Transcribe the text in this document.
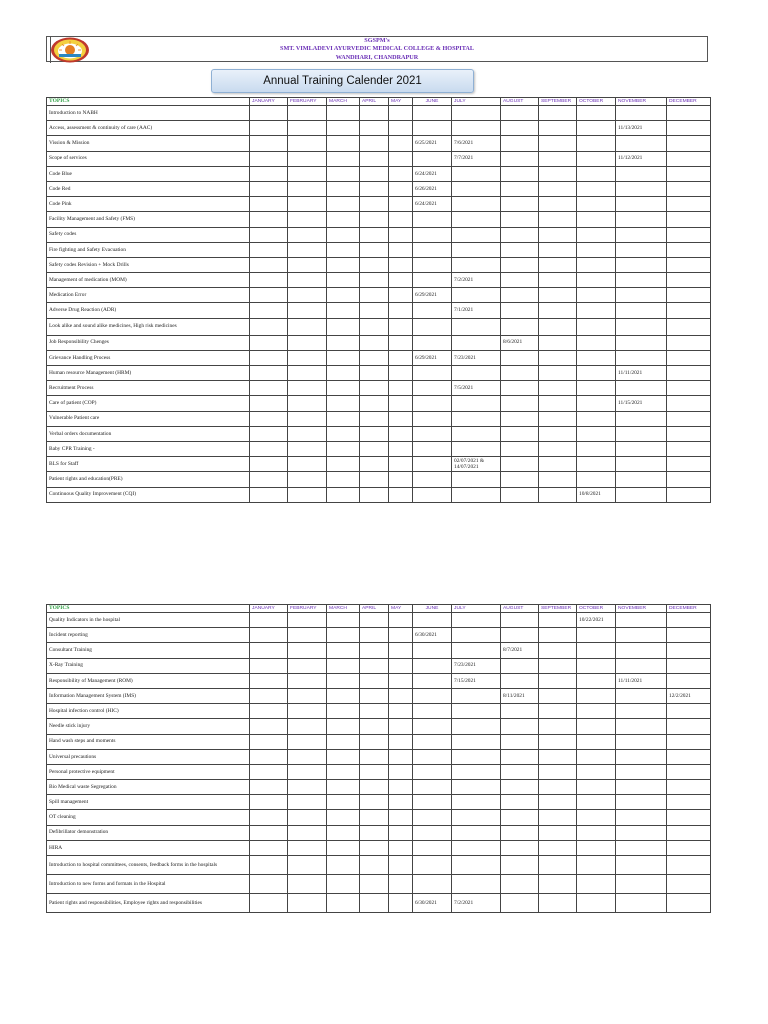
SGSPM's
SMT. VIMLADEVI AYURVEDIC MEDICAL COLLEGE & HOSPITAL
WANDHARI, CHANDRAPUR
Annual Training Calender 2021
TOPICS	JANUARY	FEBRUARY	MARCH	APRIL	MAY	JUNE	JULY	AUGUST	SEPTEMBER	OCTOBER	NOVEMBER	DECEMBER
Introduction to NABH												
Access, assessment & continuity of care (AAC)											11/13/2021	
Vission & Mission						6/25/2021	7/6/2021					
Scope of services							7/7/2021				11/12/2021	
Code Blue						6/24/2021						
Code Red						6/26/2021						
Code Pink						6/24/2021						
Facility Management and Safety (FMS)												
Safety codes												
Fire fighting and Safety Evacuation												
Safety codes Revision + Mock Drills												
Management of medication (MOM)							7/2/2021					
Medication Error						6/29/2021						
Adverse Drug Reaction (ADR)							7/1/2021					
Look alike and sound alike medicines, High risk medicines												
Job Responsibility Chenges								8/6/2021				
Grievance Handling Process						6/29/2021	7/23/2021					
Human resource Management (HRM)											11/11/2021	
Recruitment Process							7/5/2021					
Care of patient (COP)											11/15/2021	
Vulnerable Patient care												
Verbal orders documentation												
Baby CPR Training -												
BLS for Staff							02/07/2021 & 14/07/2021					
Patient rights and education(PRE)												
Continuous Quality Improvement (CQI)										10/8/2021		
TOPICS	JANUARY	FEBRUARY	MARCH	APRIL	MAY	JUNE	JULY	AUGUST	SEPTEMBER	OCTOBER	NOVEMBER	DECEMBER
Quality Indicators in the hospital										10/22/2021		
Incident reporting						6/30/2021						
Consultant Training								8/7/2021				
X-Ray Training							7/23/2021					
Responsibility of Management (ROM)							7/15/2021				11/11/2021	
Information Management System (IMS)								8/11/2021				12/2/2021
Hospital infection control (HIC)												
Needle stick injury												
Hand wash steps and moments												
Universal precautions												
Personal protective equipment												
Bio Medical waste Segregation												
Spill management												
OT cleaning												
Defibrillator demonstration												
HIRA												
Introduction to hospital committees, consents, feedback forms in the hospitals												
Introduction to new forms and formats in the Hospital												
Patient rights and responsibilities, Employee rights and responsibilities						6/30/2021	7/2/2021					
